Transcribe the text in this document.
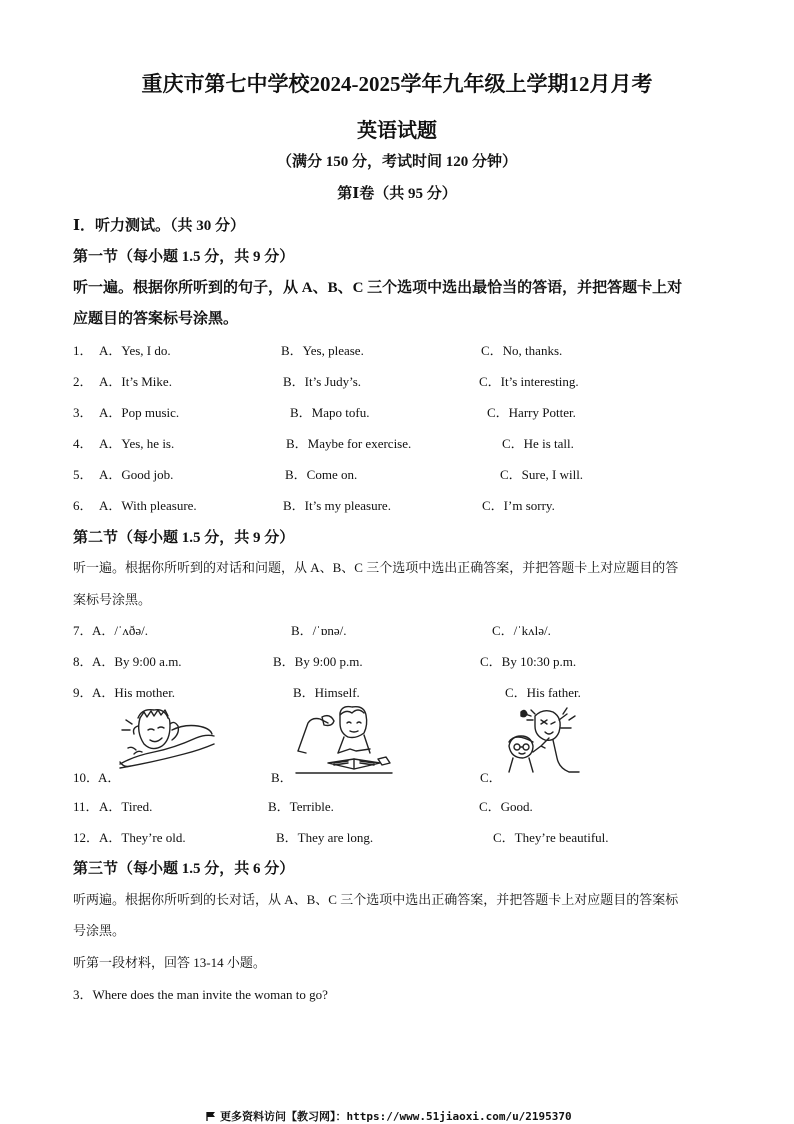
重庆市第七中学校2024-2025学年九年级上学期12月月考
英语试题
（满分 150 分，考试时间 120 分钟）
第Ⅰ卷（共 95 分）
Ⅰ．听力测试。（共 30 分）
第一节（每小题 1.5 分，共 9 分）
听一遍。根据你所听到的句子，从 A、B、C 三个选项中选出最恰当的答语，并把答题卡上对
应题目的答案标号涂黑。
1． A．Yes, I do.	B．Yes, please.	C．No, thanks.
2． A．It’s Mike.	B．It’s Judy’s.	C．It’s interesting.
3． A．Pop music.	B．Mapo tofu.	C．Harry Potter.
4． A．Yes, he is.	B．Maybe for exercise.	C．He is tall.
5． A．Good job.	B．Come on.	C．Sure, I will.
6． A．With pleasure.	B．It’s my pleasure.	C．I’m sorry.
第二节（每小题 1.5 分，共 9 分）
听一遍。根据你所听到的对话和问题，从 A、B、C 三个选项中选出正确答案，并把答题卡上对应题目的答
案标号涂黑。
7． A．/ˈʌðə/.	B．/ˈɒnə/.	C．/ˈkʌlə/.
8． A．By 9:00 a.m.	B．By 9:00 p.m.	C．By 10:30 p.m.
9． A．His mother.	B．Himself.	C．His father.
10．
A．	B．	C．
11． A．Tired.	B．Terrible.	C．Good.
12． A．They’re old.	B．They are long.	C．They’re beautiful.
第三节（每小题 1.5 分，共 6 分）
听两遍。根据你所听到的长对话，从 A、B、C 三个选项中选出正确答案，并把答题卡上对应题目的答案标
号涂黑。
听第一段材料，回答 13-14 小题。
3．Where does the man invite the woman to go?
更多资料访问【教习网】：https://www.51jiaoxi.com/u/2195370
